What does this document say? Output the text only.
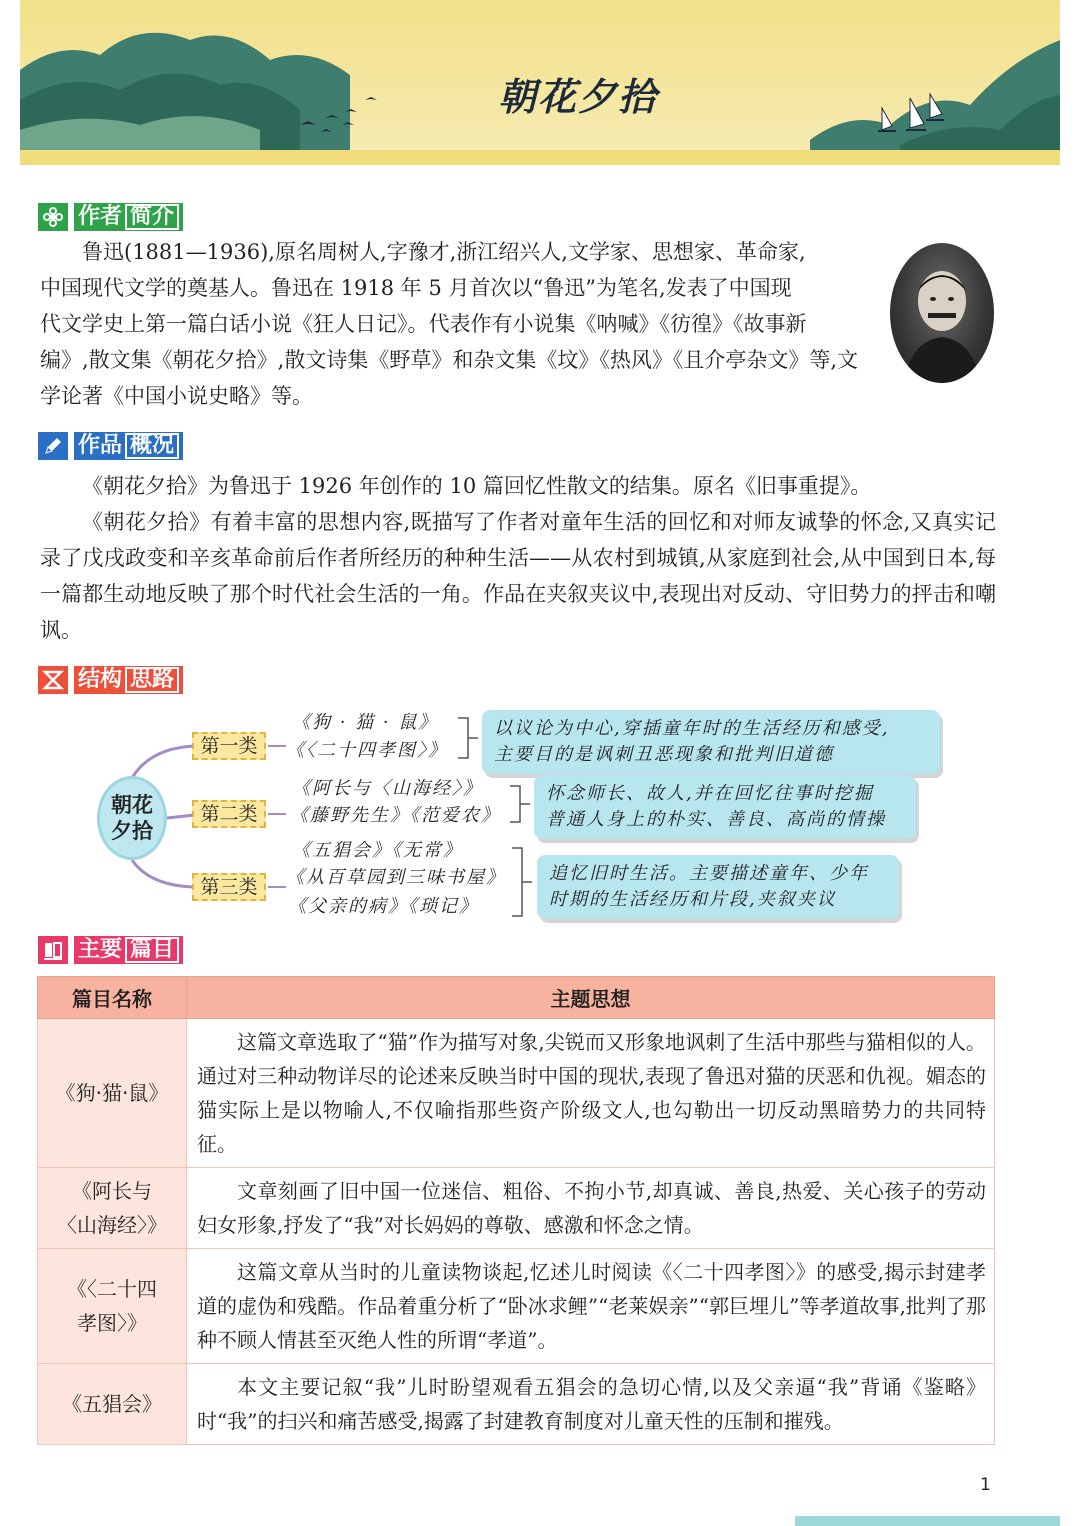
朝花夕拾
作者 简介
鲁迅(1881—1936),原名周树人,字豫才,浙江绍兴人,文学家、思想家、革命家,
中国现代文学的奠基人。鲁迅在 1918 年 5 月首次以“鲁迅”为笔名,发表了中国现
代文学史上第一篇白话小说《狂人日记》。代表作有小说集《呐喊》《彷徨》《故事新
编》,散文集《朝花夕拾》,散文诗集《野草》和杂文集《坟》《热风》《且介亭杂文》等,文
学论著《中国小说史略》等。
作品 概况

《朝花夕拾》为鲁迅于 1926 年创作的 10 篇回忆性散文的结集。原名《旧事重提》。

《朝花夕拾》有着丰富的思想内容,既描写了作者对童年生活的回忆和对师友诚挚的怀念,又真实记录了戊戌政变和辛亥革命前后作者所经历的种种生活——从农村到城镇,从家庭到社会,从中国到日本,每一篇都生动地反映了那个时代社会生活的一角。作品在夹叙夹议中,表现出对反动、守旧势力的抨击和嘲讽。

结构 思路
朝花
夕拾
第一类
《狗 · 猫 · 鼠》
《〈二十四孝图〉》
以议论为中心,穿插童年时的生活经历和感受,
主要目的是讽刺丑恶现象和批判旧道德
第二类
《阿长与〈山海经〉》
《藤野先生》《范爱农》
怀念师长、故人,并在回忆往事时挖掘
普通人身上的朴实、善良、高尚的情操
第三类
《五猖会》《无常》
《从百草园到三味书屋》
《父亲的病》《琐记》
追忆旧时生活。主要描述童年、少年
时期的生活经历和片段,夹叙夹议
主要 篇目
篇目名称	主题思想
《狗·猫·鼠》	这篇文章选取了“猫”作为描写对象,尖锐而又形象地讽刺了生活中那些与猫相似的人。通过对三种动物详尽的论述来反映当时中国的现状,表现了鲁迅对猫的厌恶和仇视。媚态的猫实际上是以物喻人,不仅喻指那些资产阶级文人,也勾勒出一切反动黑暗势力的共同特征。

《阿长与
〈山海经〉》	文章刻画了旧中国一位迷信、粗俗、不拘小节,却真诚、善良,热爱、关心孩子的劳动妇女形象,抒发了“我”对长妈妈的尊敬、感激和怀念之情。

《〈二十四
孝图〉》	这篇文章从当时的儿童读物谈起,忆述儿时阅读《〈二十四孝图〉》的感受,揭示封建孝道的虚伪和残酷。作品着重分析了“卧冰求鲤”“老莱娱亲”“郭巨埋儿”等孝道故事,批判了那种不顾人情甚至灭绝人性的所谓“孝道”。

《五猖会》	本文主要记叙“我”儿时盼望观看五猖会的急切心情,以及父亲逼“我”背诵《鉴略》时“我”的扫兴和痛苦感受,揭露了封建教育制度对儿童天性的压制和摧残。

1
